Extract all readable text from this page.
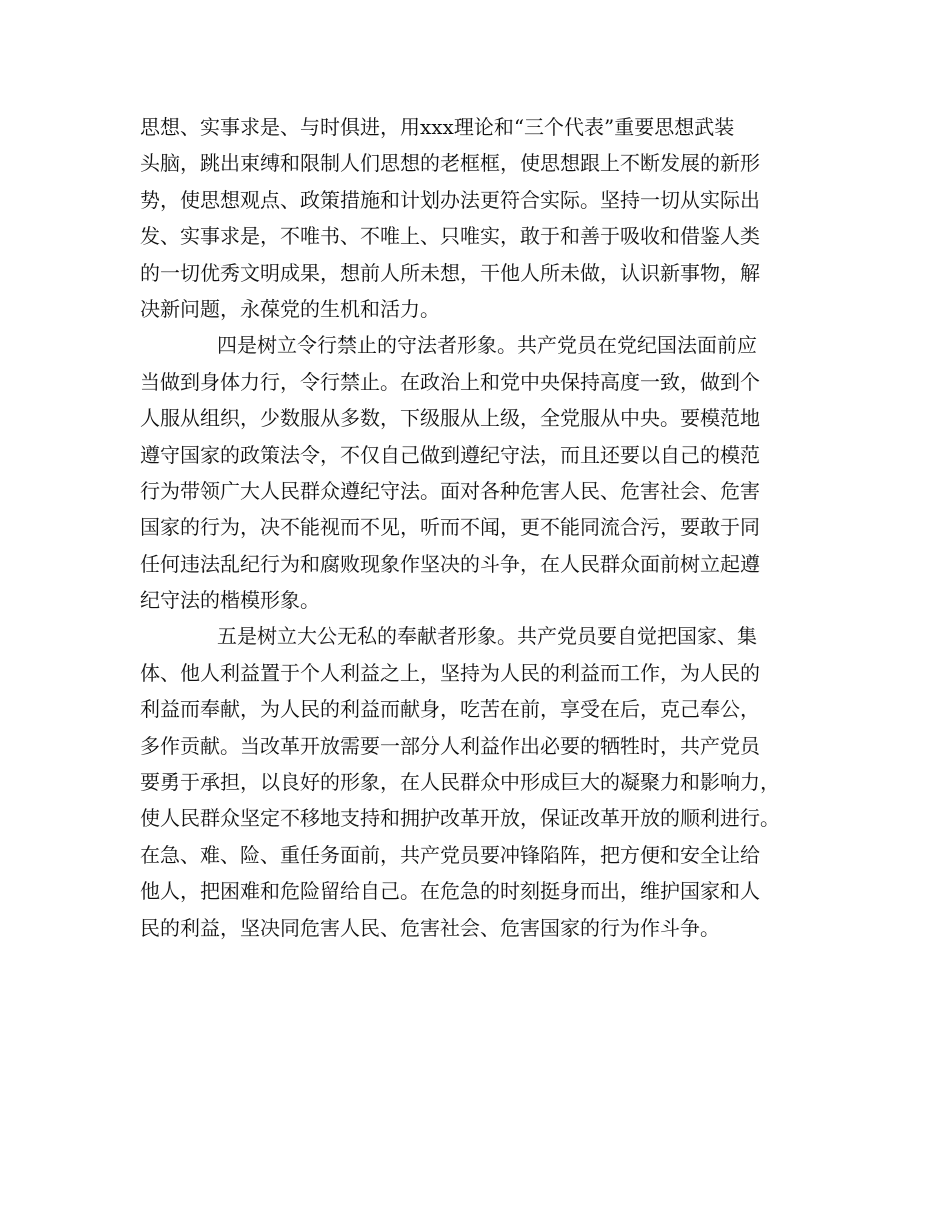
思想、实事求是、与时俱进，用xxx理论和“三个代表”重要思想武装
头脑，跳出束缚和限制人们思想的老框框，使思想跟上不断发展的新形
势，使思想观点、政策措施和计划办法更符合实际。坚持一切从实际出
发、实事求是，不唯书、不唯上、只唯实，敢于和善于吸收和借鉴人类
的一切优秀文明成果，想前人所未想，干他人所未做，认识新事物，解
决新问题，永葆党的生机和活力。
四是树立令行禁止的守法者形象。共产党员在党纪国法面前应
当做到身体力行，令行禁止。在政治上和党中央保持高度一致，做到个
人服从组织，少数服从多数，下级服从上级，全党服从中央。要模范地
遵守国家的政策法令，不仅自己做到遵纪守法，而且还要以自己的模范
行为带领广大人民群众遵纪守法。面对各种危害人民、危害社会、危害
国家的行为，决不能视而不见，听而不闻，更不能同流合污，要敢于同
任何违法乱纪行为和腐败现象作坚决的斗争，在人民群众面前树立起遵
纪守法的楷模形象。
五是树立大公无私的奉献者形象。共产党员要自觉把国家、集
体、他人利益置于个人利益之上，坚持为人民的利益而工作，为人民的
利益而奉献，为人民的利益而献身，吃苦在前，享受在后，克己奉公，
多作贡献。当改革开放需要一部分人利益作出必要的牺牲时，共产党员
要勇于承担，以良好的形象，在人民群众中形成巨大的凝聚力和影响力，
使人民群众坚定不移地支持和拥护改革开放，保证改革开放的顺利进行。
在急、难、险、重任务面前，共产党员要冲锋陷阵，把方便和安全让给
他人，把困难和危险留给自己。在危急的时刻挺身而出，维护国家和人
民的利益，坚决同危害人民、危害社会、危害国家的行为作斗争。
